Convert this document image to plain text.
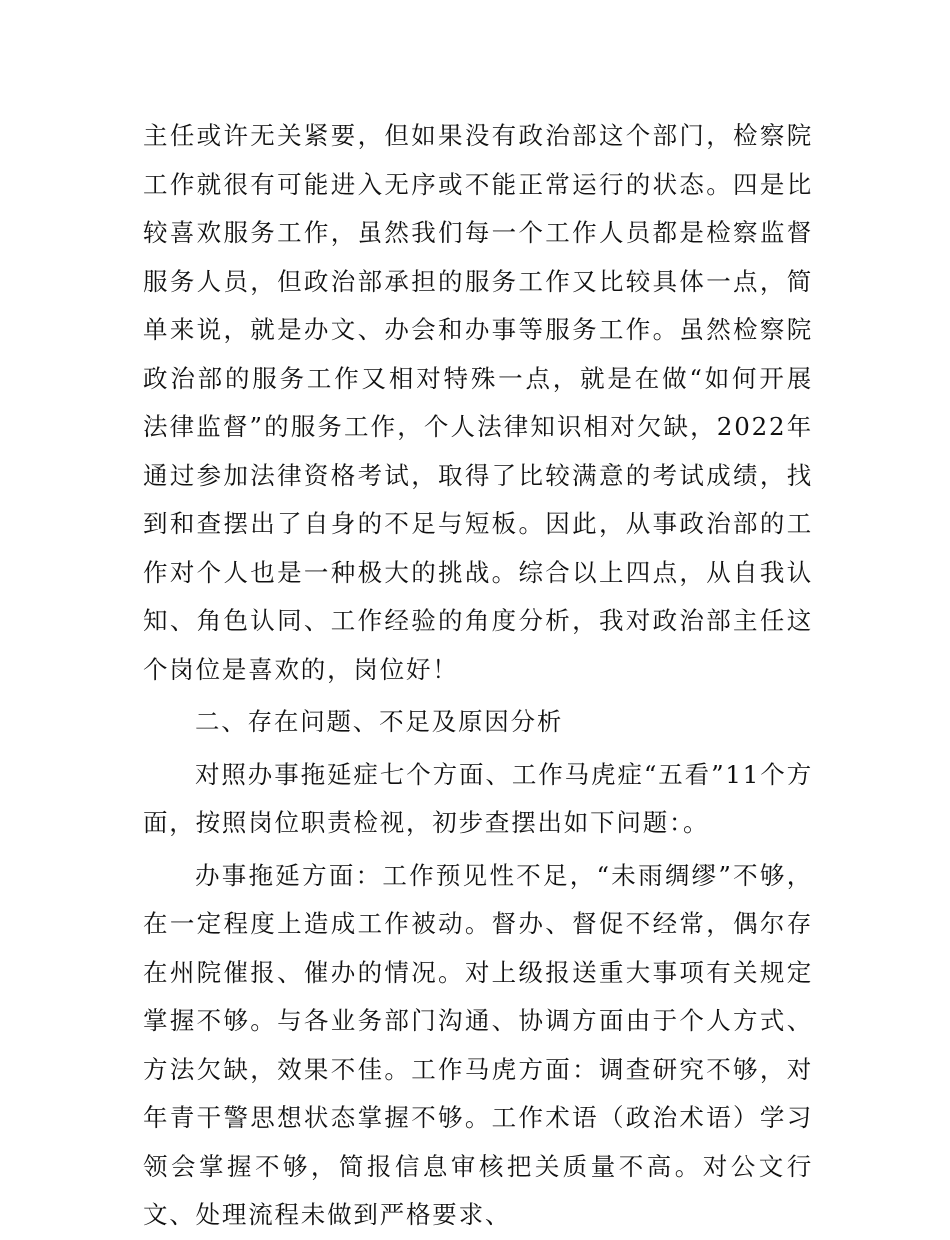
主任或许无关紧要，但如果没有政治部这个部门，检察院工作就很有可能进入无序或不能正常运行的状态。四是比较喜欢服务工作，虽然我们每一个工作人员都是检察监督服务人员，但政治部承担的服务工作又比较具体一点，简单来说，就是办文、办会和办事等服务工作。虽然检察院政治部的服务工作又相对特殊一点，就是在做“如何开展法律监督”的服务工作，个人法律知识相对欠缺，2022年通过参加法律资格考试，取得了比较满意的考试成绩，找到和查摆出了自身的不足与短板。因此，从事政治部的工作对个人也是一种极大的挑战。综合以上四点，从自我认知、角色认同、工作经验的角度分析，我对政治部主任这个岗位是喜欢的，岗位好！

二、存在问题、不足及原因分析

对照办事拖延症七个方面、工作马虎症“五看”11个方面，按照岗位职责检视，初步查摆出如下问题：。

办事拖延方面：工作预见性不足，“未雨绸缪”不够，在一定程度上造成工作被动。督办、督促不经常，偶尔存在州院催报、催办的情况。对上级报送重大事项有关规定掌握不够。与各业务部门沟通、协调方面由于个人方式、方法欠缺，效果不佳。工作马虎方面：调查研究不够，对年青干警思想状态掌握不够。工作术语（政治术语）学习领会掌握不够，简报信息审核把关质量不高。对公文行文、处理流程未做到严格要求、
